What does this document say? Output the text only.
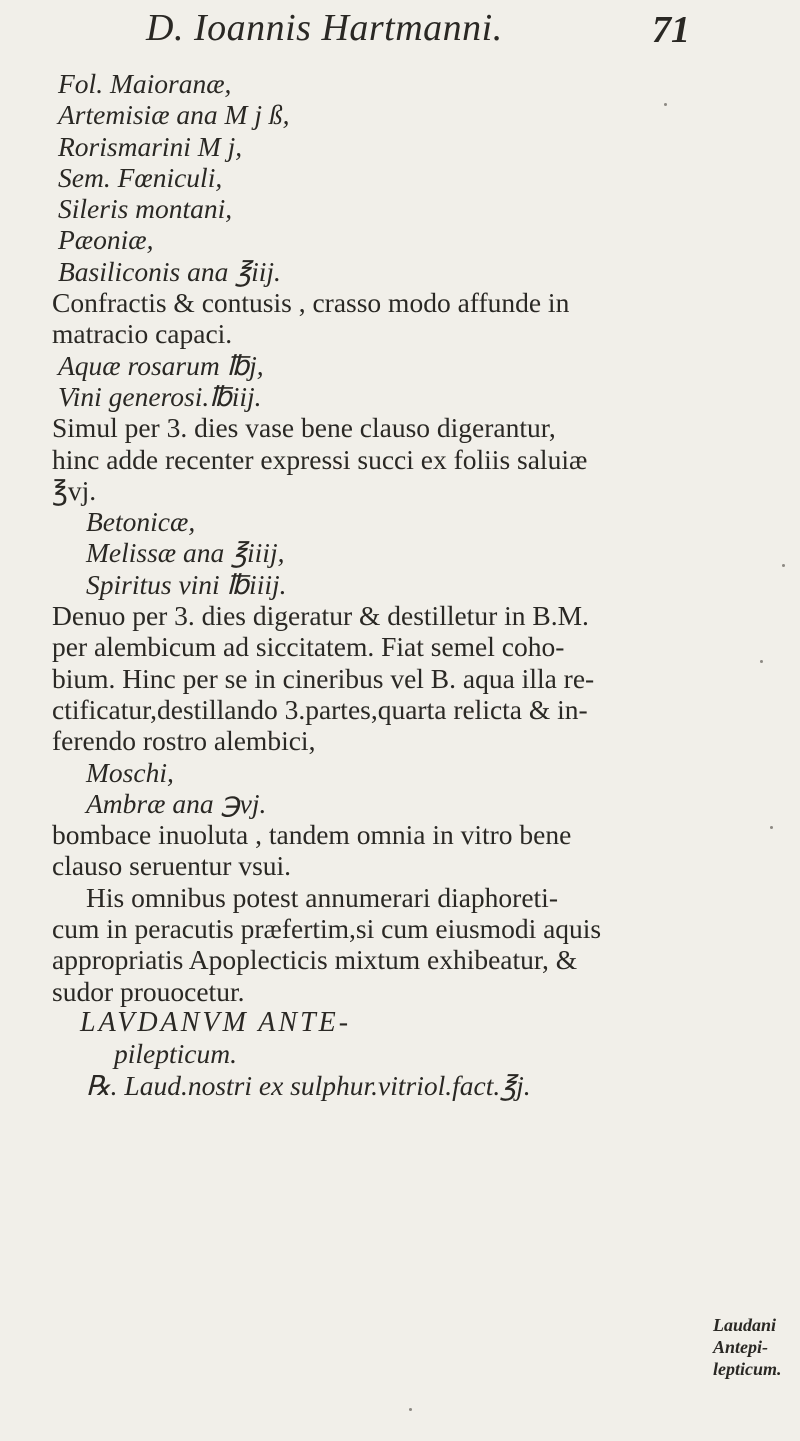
D. Ioannis Hartmanni.	71
Fol. Maioranæ,
Artemisiæ ana M j ß,
Rorismarini M j,
Sem. Fœniculi,
Sileris montani,
Pæoniæ,
Basiliconis ana ℥iij.
Confractis & contusis , crasso modo affunde in
matracio capaci.
Aquæ rosarum ℔j,
Vini generosi.℔iij.
Simul per 3. dies vase bene clauso digerantur,
hinc adde recenter expressi succi ex foliis saluiæ
℥vj.
Betonicæ,
Melissæ ana ℥iiij,
Spiritus vini ℔iiij.
Denuo per 3. dies digeratur & destilletur in B.M.
per alembicum ad siccitatem. Fiat semel coho-
bium. Hinc per se in cineribus vel B. aqua illa re-
ctificatur,destillando 3.partes,quarta relicta & in-
ferendo rostro alembici,
Moschi,
Ambræ ana ℈vj.
bombace inuoluta , tandem omnia in vitro bene
clauso seruentur vsui.
His omnibus potest annumerari diaphoreti-
cum in peracutis præfertim,si cum eiusmodi aquis
appropriatis Apoplecticis mixtum exhibeatur, &
sudor prouocetur.
LAVDANVM ANTE-
pilepticum.
℞. Laud.nostri ex sulphur.vitriol.fact.℥j.
Laudani
Antepi-
lepticum.
